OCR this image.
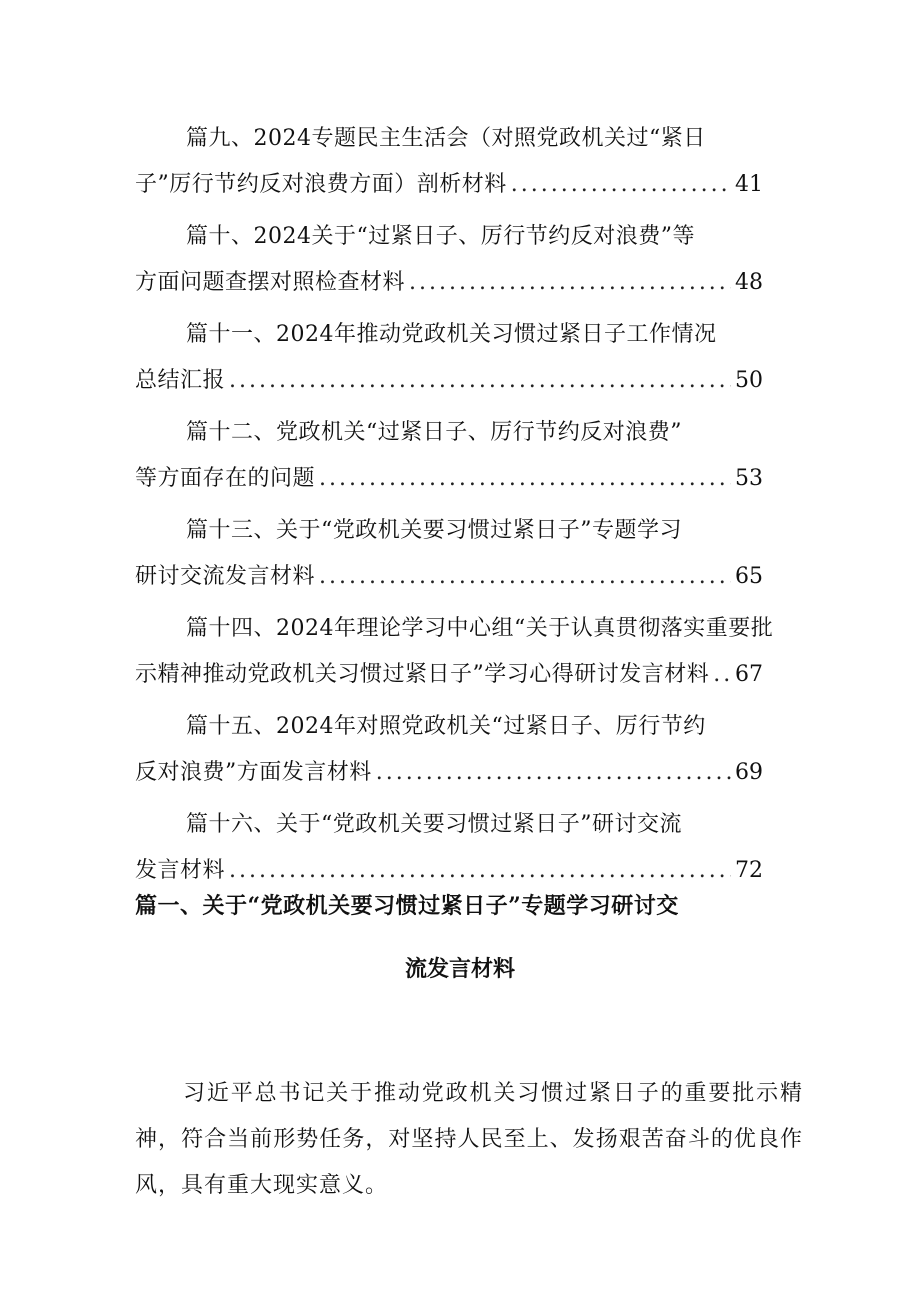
篇九、2024专题民主生活会（对照党政机关过“紧日
子”厉行节约反对浪费方面）剖析材料 .....	41
篇十、2024关于“过紧日子、厉行节约反对浪费”等
方面问题查摆对照检查材料 .....	48
篇十一、2024年推动党政机关习惯过紧日子工作情况
总结汇报 .....	50
篇十二、党政机关“过紧日子、厉行节约反对浪费”
等方面存在的问题 .....	53
篇十三、关于“党政机关要习惯过紧日子”专题学习
研讨交流发言材料 .....	65
篇十四、2024年理论学习中心组“关于认真贯彻落实重要批
示精神推动党政机关习惯过紧日子”学习心得研讨发言材料 ..... 67
篇十五、2024年对照党政机关“过紧日子、厉行节约
反对浪费”方面发言材料 .....	69
篇十六、关于“党政机关要习惯过紧日子”研讨交流
发言材料 .....	72
篇一、关于“党政机关要习惯过紧日子”专题学习研讨交
流发言材料

习近平总书记关于推动党政机关习惯过紧日子的重要批示精神，符合当前形势任务，对坚持人民至上、发扬艰苦奋斗的优良作风，具有重大现实意义。
